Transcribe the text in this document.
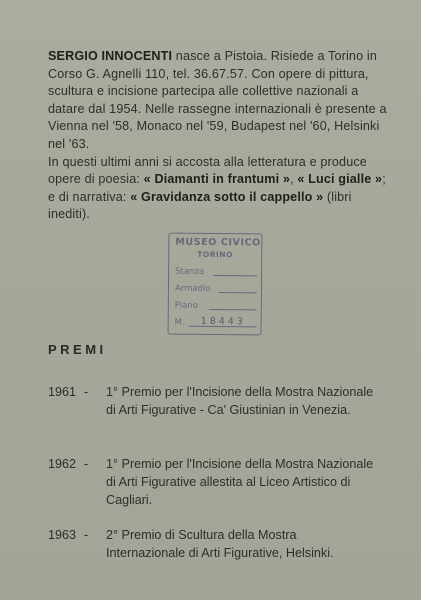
SERGIO INNOCENTI nasce a Pistoia. Risiede a Torino in Corso G. Agnelli 110, tel. 36.67.57. Con opere di pittura, scultura e incisione partecipa alle collettive nazionali a datare dal 1954. Nelle rassegne internazionali è presente a Vienna nel '58, Monaco nel '59, Budapest nel '60, Helsinki nel '63.

In questi ultimi anni si accosta alla letteratura e produce opere di poesia: « Diamanti in frantumi », « Luci gialle »; e di narrativa: « Gravidanza sotto il cappello » (libri inediti).

MUSEO CIVICO
TORINO
Stanza
Armadio
Piano
M. 18443
PREMI
1961 - 1° Premio per l'Incisione della Mostra Nazionale di Arti Figurative - Ca' Giustinian in Venezia.
1962 - 1° Premio per l'Incisione della Mostra Nazionale di Arti Figurative allestita al Liceo Artistico di Cagliari.
1963 - 2° Premio di Scultura della Mostra Internazionale di Arti Figurative, Helsinki.
